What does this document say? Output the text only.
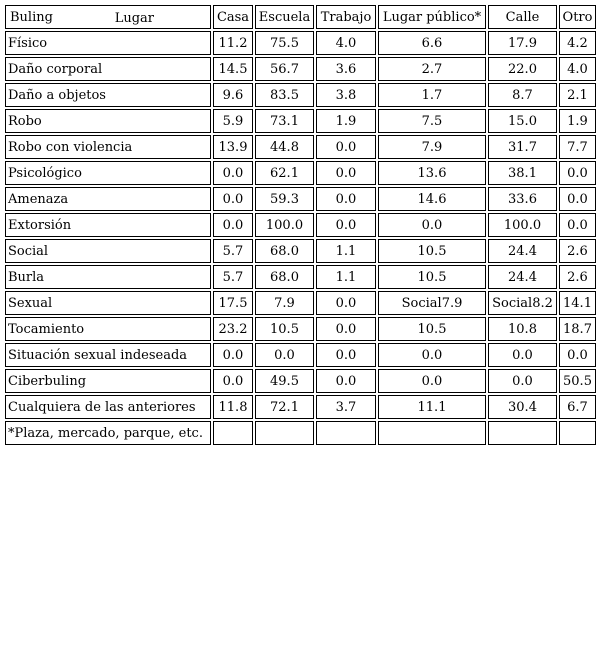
Lugar
Buling	Casa	Escuela	Trabajo	Lugar público*	Calle	Otro
Físico	11.2	75.5	4.0	6.6	17.9	4.2
Daño corporal	14.5	56.7	3.6	2.7	22.0	4.0
Daño a objetos	9.6	83.5	3.8	1.7	8.7	2.1
Robo	5.9	73.1	1.9	7.5	15.0	1.9
Robo con violencia	13.9	44.8	0.0	7.9	31.7	7.7
Psicológico	0.0	62.1	0.0	13.6	38.1	0.0
Amenaza	0.0	59.3	0.0	14.6	33.6	0.0
Extorsión	0.0	100.0	0.0	0.0	100.0	0.0
Social	5.7	68.0	1.1	10.5	24.4	2.6
Burla	5.7	68.0	1.1	10.5	24.4	2.6
Sexual	17.5	7.9	0.0	Social7.9	Social8.2	14.1
Tocamiento	23.2	10.5	0.0	10.5	10.8	18.7
Situación sexual indeseada	0.0	0.0	0.0	0.0	0.0	0.0
Ciberbuling	0.0	49.5	0.0	0.0	0.0	50.5
Cualquiera de las anteriores	11.8	72.1	3.7	11.1	30.4	6.7
*Plaza, mercado, parque, etc.						
